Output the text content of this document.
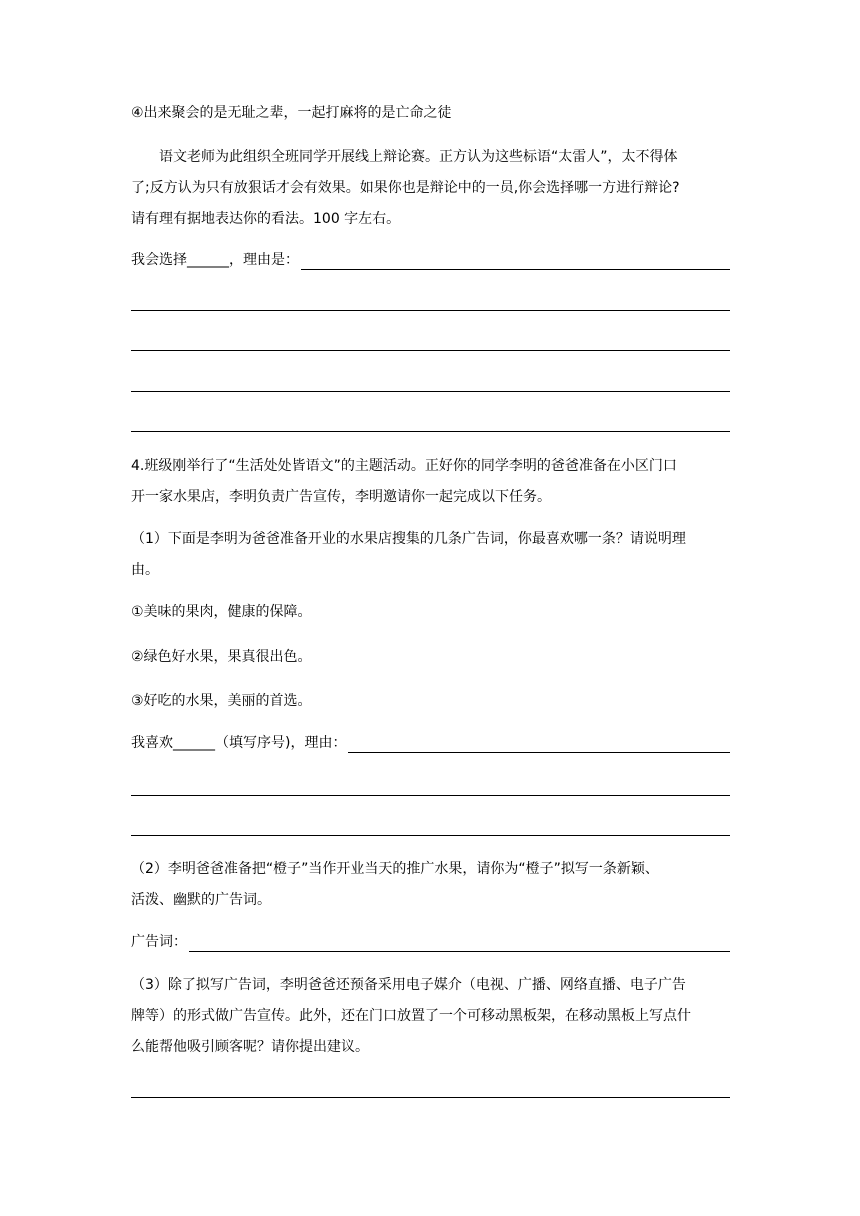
④出来聚会的是无耻之辈，一起打麻将的是亡命之徒
语文老师为此组织全班同学开展线上辩论赛。正方认为这些标语“太雷人”，太不得体
了;反方认为只有放狠话才会有效果。如果你也是辩论中的一员,你会选择哪一方进行辩论?
请有理有据地表达你的看法。100 字左右。
我会选择______，理由是：
4.班级刚举行了“生活处处皆语文”的主题活动。正好你的同学李明的爸爸准备在小区门口
开一家水果店，李明负责广告宣传，李明邀请你一起完成以下任务。
（1）下面是李明为爸爸准备开业的水果店搜集的几条广告词，你最喜欢哪一条？请说明理
由。
①美味的果肉，健康的保障。
②绿色好水果，果真很出色。
③好吃的水果，美丽的首选。
我喜欢______（填写序号)，理由：
（2）李明爸爸准备把“橙子”当作开业当天的推广水果，请你为“橙子”拟写一条新颖、
活泼、幽默的广告词。
广告词：
（3）除了拟写广告词，李明爸爸还预备采用电子媒介（电视、广播、网络直播、电子广告
牌等）的形式做广告宣传。此外，还在门口放置了一个可移动黑板架，在移动黑板上写点什
么能帮他吸引顾客呢？请你提出建议。
